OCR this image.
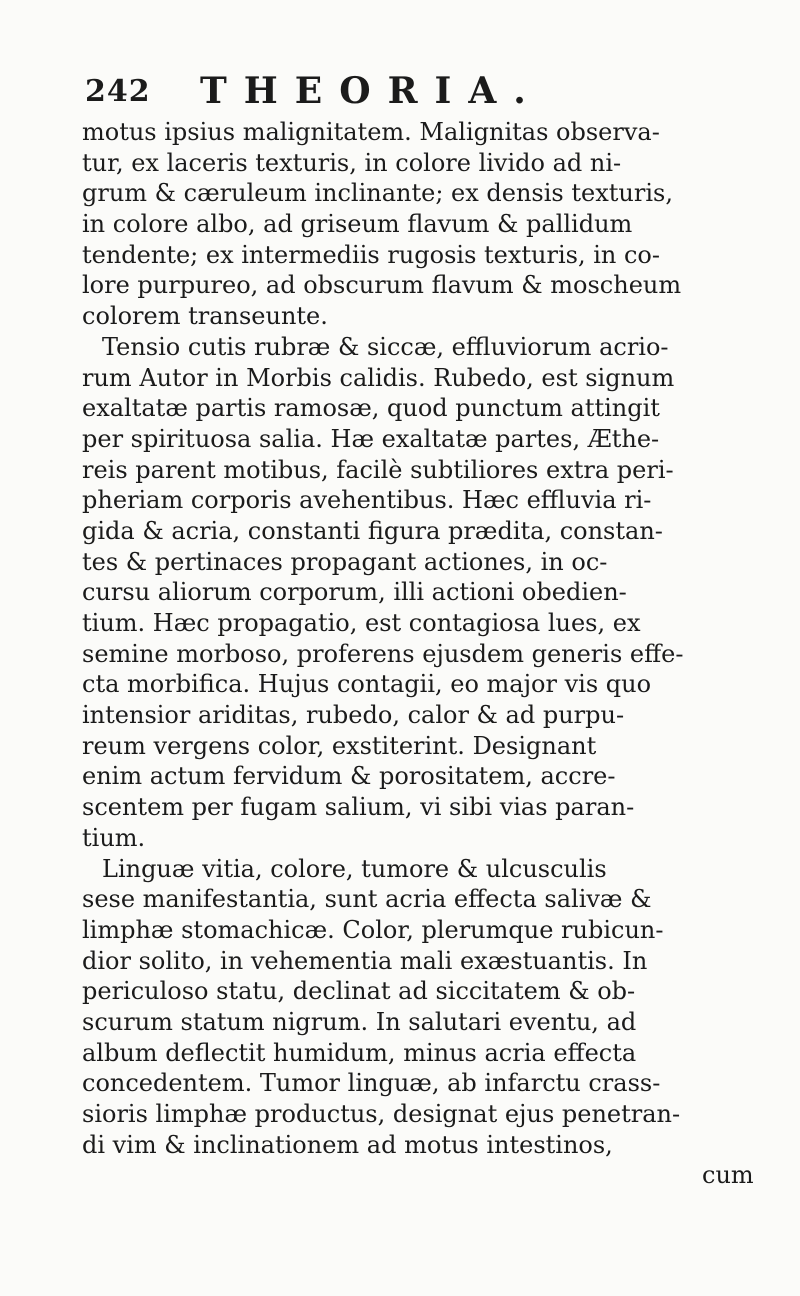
242 THEORIA.
motus ipsius malignitatem. Malignitas observa-
tur, ex laceris texturis, in colore livido ad ni-
grum & cæruleum inclinante; ex densis texturis,
in colore albo, ad griseum flavum & pallidum
tendente; ex intermediis rugosis texturis, in co-
lore purpureo, ad obscurum flavum & moscheum
colorem transeunte.
Tensio cutis rubræ & siccæ, effluviorum acrio-
rum Autor in Morbis calidis. Rubedo, est signum
exaltatæ partis ramosæ, quod punctum attingit
per spirituosa salia. Hæ exaltatæ partes, Æthe-
reis parent motibus, facilè subtiliores extra peri-
pheriam corporis avehentibus. Hæc effluvia ri-
gida & acria, constanti figura prædita, constan-
tes & pertinaces propagant actiones, in oc-
cursu aliorum corporum, illi actioni obedien-
tium. Hæc propagatio, est contagiosa lues, ex
semine morboso, proferens ejusdem generis effe-
cta morbifica. Hujus contagii, eo major vis quo
intensior ariditas, rubedo, calor & ad purpu-
reum vergens color, exstiterint. Designant
enim actum fervidum & porositatem, accre-
scentem per fugam salium, vi sibi vias paran-
tium.
Linguæ vitia, colore, tumore & ulcusculis
sese manifestantia, sunt acria effecta salivæ &
limphæ stomachicæ. Color, plerumque rubicun-
dior solito, in vehementia mali exæstuantis. In
periculoso statu, declinat ad siccitatem & ob-
scurum statum nigrum. In salutari eventu, ad
album deflectit humidum, minus acria effecta
concedentem. Tumor linguæ, ab infarctu crass-
sioris limphæ productus, designat ejus penetran-
di vim & inclinationem ad motus intestinos,
cum
